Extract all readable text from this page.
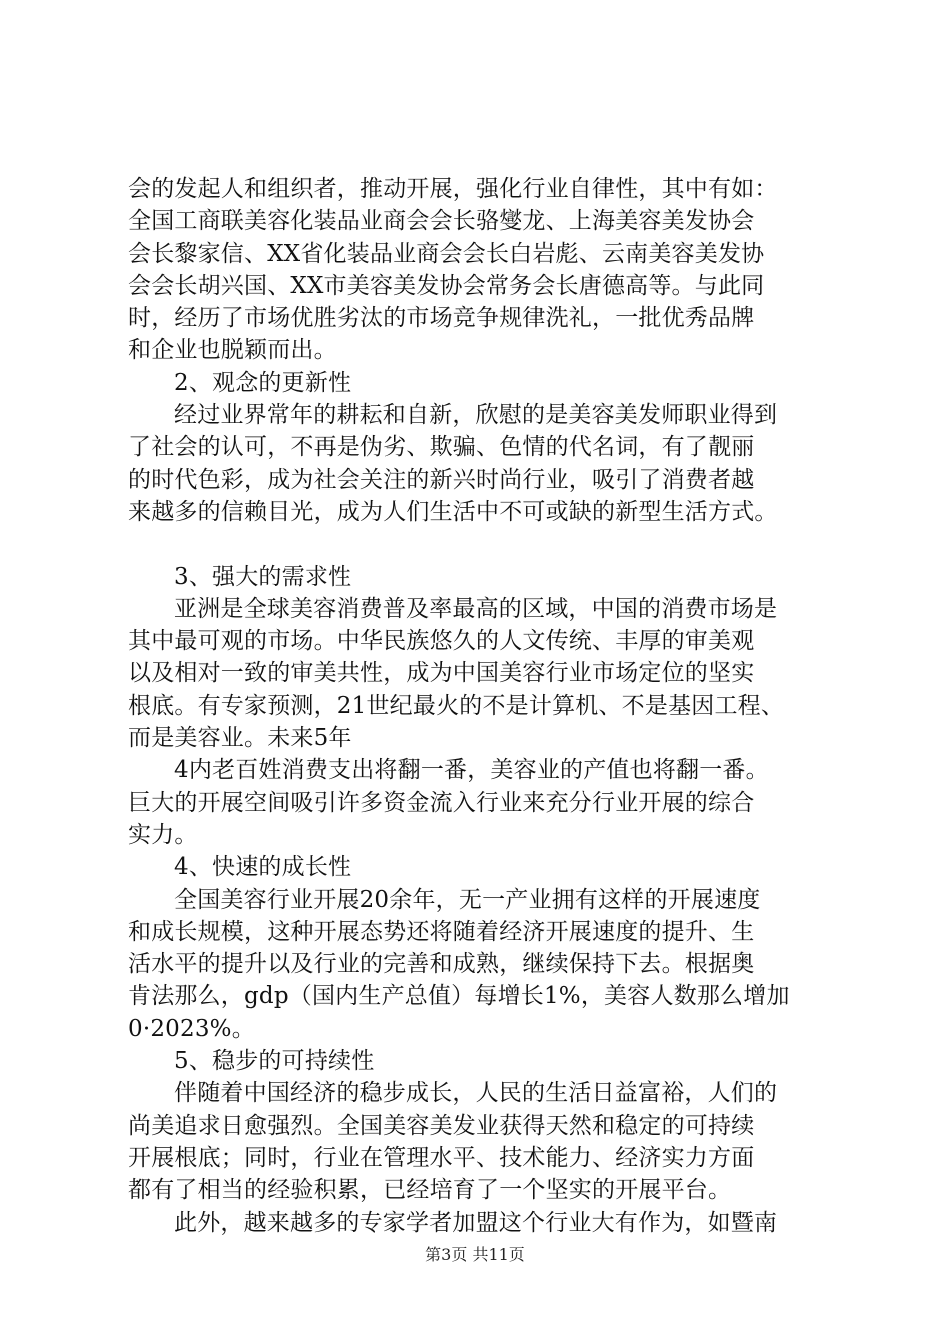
会的发起人和组织者，推动开展，强化行业自律性，其中有如：
全国工商联美容化装品业商会会长骆燮龙、上海美容美发协会
会长黎家信、XX省化装品业商会会长白岩彪、云南美容美发协
会会长胡兴国、XX市美容美发协会常务会长唐德高等。与此同
时，经历了市场优胜劣汰的市场竞争规律洗礼，一批优秀品牌
和企业也脱颖而出。
2、观念的更新性
经过业界常年的耕耘和自新，欣慰的是美容美发师职业得到
了社会的认可，不再是伪劣、欺骗、色情的代名词，有了靓丽
的时代色彩，成为社会关注的新兴时尚行业，吸引了消费者越
来越多的信赖目光，成为人们生活中不可或缺的新型生活方式。
3、强大的需求性
亚洲是全球美容消费普及率最高的区域，中国的消费市场是
其中最可观的市场。中华民族悠久的人文传统、丰厚的审美观
以及相对一致的审美共性，成为中国美容行业市场定位的坚实
根底。有专家预测，21世纪最火的不是计算机、不是基因工程、
而是美容业。未来5年
4内老百姓消费支出将翻一番，美容业的产值也将翻一番。
巨大的开展空间吸引许多资金流入行业来充分行业开展的综合
实力。
4、快速的成长性
全国美容行业开展20余年，无一产业拥有这样的开展速度
和成长规模，这种开展态势还将随着经济开展速度的提升、生
活水平的提升以及行业的完善和成熟，继续保持下去。根据奥
肯法那么，gdp（国内生产总值）每增长1%，美容人数那么增加
0·2023%。
5、稳步的可持续性
伴随着中国经济的稳步成长，人民的生活日益富裕，人们的
尚美追求日愈强烈。全国美容美发业获得天然和稳定的可持续
开展根底；同时，行业在管理水平、技术能力、经济实力方面
都有了相当的经验积累，已经培育了一个坚实的开展平台。
此外，越来越多的专家学者加盟这个行业大有作为，如暨南
第3页 共11页
